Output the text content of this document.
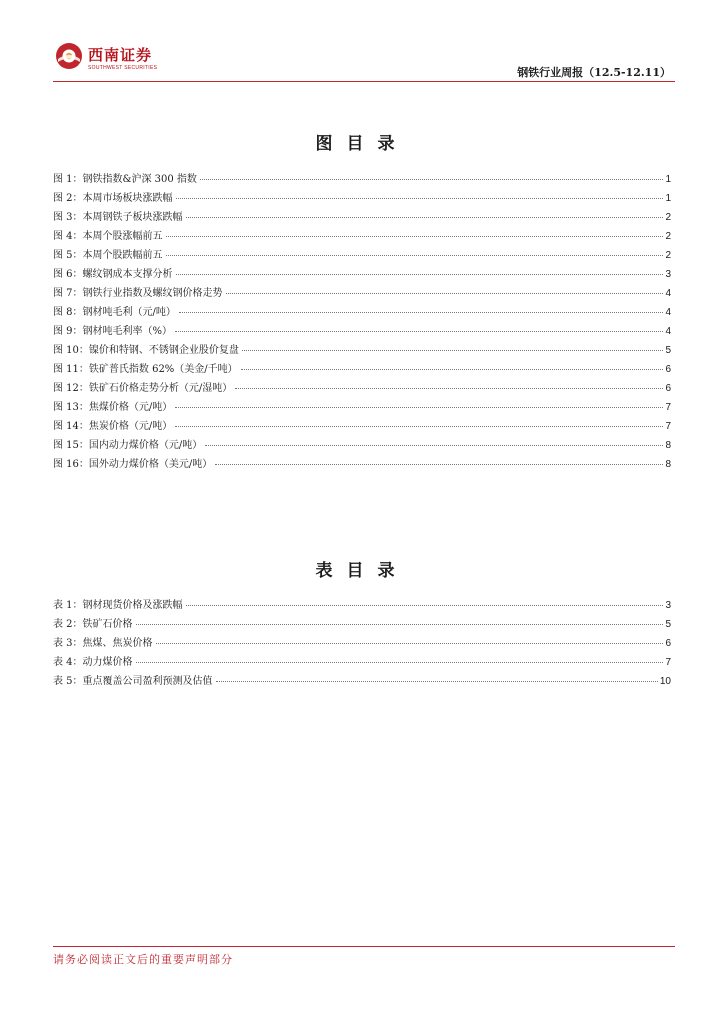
西南证券
SOUTHWEST SECURITIES	钢铁行业周报（12.5-12.11）
图目录
图 1：钢铁指数&沪深 300 指数	1
图 2：本周市场板块涨跌幅	1
图 3：本周钢铁子板块涨跌幅	2
图 4：本周个股涨幅前五	2
图 5：本周个股跌幅前五	2
图 6：螺纹钢成本支撑分析	3
图 7：钢铁行业指数及螺纹钢价格走势	4
图 8：钢材吨毛利（元/吨）	4
图 9：钢材吨毛利率（%）	4
图 10：镍价和特钢、不锈钢企业股价复盘	5
图 11：铁矿普氏指数 62%（美金/千吨）	6
图 12：铁矿石价格走势分析（元/湿吨）	6
图 13：焦煤价格（元/吨）	7
图 14：焦炭价格（元/吨）	7
图 15：国内动力煤价格（元/吨）	8
图 16：国外动力煤价格（美元/吨）	8
表目录
表 1：钢材现货价格及涨跌幅	3
表 2：铁矿石价格	5
表 3：焦煤、焦炭价格	6
表 4：动力煤价格	7
表 5：重点覆盖公司盈利预测及估值	10
请务必阅读正文后的重要声明部分
